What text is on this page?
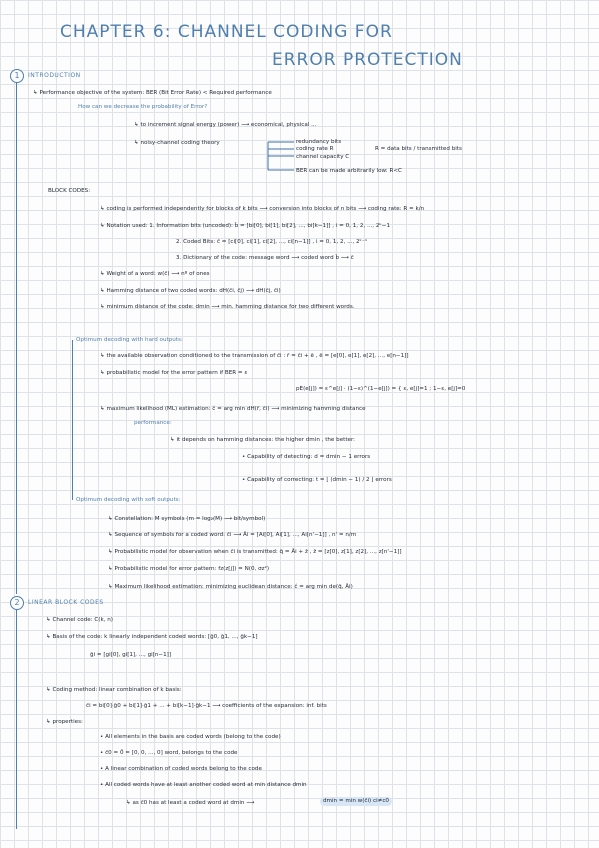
CHAPTER 6: CHANNEL CODING FOR
ERROR PROTECTION
1	INTRODUCTION
↳ Performance objective of the system: BER (Bit Error Rate) < Required performance
How can we decrease the probability of Error?
↳ to increment signal energy (power) ⟶ economical, physical ...
↳ noisy-channel coding theory	redundancy bits
coding rate R
channel capacity C
R = data bits / transmitted bits
BER can be made arbitrarily low: R<C
BLOCK CODES:
↳ coding is performed independently for blocks of k bits ⟶ conversion into blocks of n bits ⟶ coding rate: R = k/n
↳ Notation used: 1. Information bits (uncoded): b̄ = [bi[0], bi[1], bi[2], ..., bi[k−1]] , i = 0, 1, 2, ..., 2ᵏ−1
2. Coded Bits: c̄ = [ci[0], ci[1], ci[2], ..., ci[n−1]] , i = 0, 1, 2, ..., 2ᵏ⁻¹
3. Dictionary of the code: message word ⟶ coded word b̄ ⟶ c̄
↳ Weight of a word: w(c̄) ⟶ nº of ones
↳ Hamming distance of two coded words: dH(c̄i, c̄j) ⟶ dH(c̄j, c̄i)
↳ minimum distance of the code: dmin ⟶ min. hamming distance for two different words.
Optimum decoding with hard outputs:
↳ the available observation conditioned to the transmission of c̄i : r̄ = c̄i + ē , ē = [e[0], e[1], e[2], ..., e[n−1]]
↳ probabilistic model for the error pattern if BER = ε
pE(e[j]) = ε^e[j] · (1−ε)^(1−e[j]) = { ε, e[j]=1 ; 1−ε, e[j]=0
↳ maximum likelihood (ML) estimation: ĉ = arg min dH(r̄, c̄i) ⟶ minimizing hamming distance
performance:
↳ it depends on hamming distances: the higher dmin , the better:
• Capability of detecting: d = dmin − 1 errors
• Capability of correcting: t = ⌊ (dmin − 1) / 2 ⌋ errors
Optimum decoding with soft outputs:
↳ Constellation: M symbols (m = log₂(M) ⟶ bit/symbol)
↳ Sequence of symbols for a coded word: c̄i ⟶ Āi = [Ai[0], Ai[1], ..., Ai[n'−1]] , n' = n/m
↳ Probabilistic model for observation when c̄i is transmitted: q̄ = Āi + z̄ , z̄ = [z[0], z[1], z[2], ..., z[n'−1]]
↳ Probabilistic model for error pattern: fz(z[j]) = N(0, σz²)
↳ Maximum likelihood estimation: minimizing euclidean distance: ĉ = arg min de(q̄, Āi)
2	LINEAR BLOCK CODES
↳ Channel code: C(k, n)
↳ Basis of the code: k linearly independent coded words: [ḡ0, ḡ1, ..., ḡk−1]
ḡi = [gi[0], gi[1], ..., gi[n−1]]
↳ Coding method: linear combination of k basis:
c̄i = bi[0]·ḡ0 + bi[1]·ḡ1 + ... + bi[k−1]·ḡk−1 ⟶ coefficients of the expansion: inf. bits
↳ properties:
• All elements in the basis are coded words (belong to the code)
• c̄0 = 0̄ = [0, 0, ..., 0] word, belongs to the code
• A linear combination of coded words belong to the code
• All coded words have at least another coded word at min distance dmin
↳ as c̄0 has at least a coded word at dmin ⟶	dmin = min w(c̄i) ci≠c0
